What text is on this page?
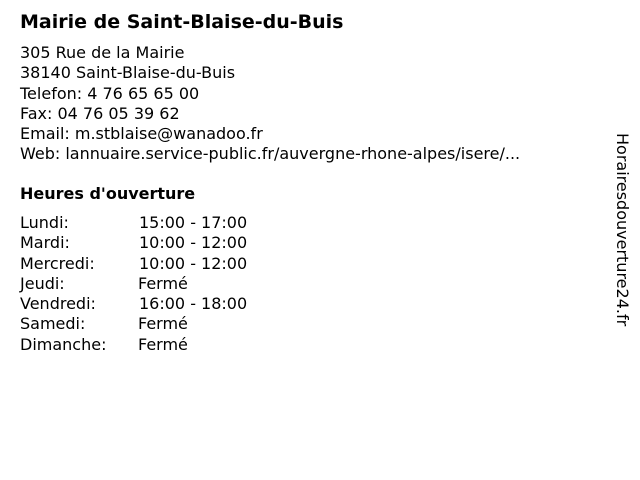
Mairie de Saint-Blaise-du-Buis
305 Rue de la Mairie
38140 Saint-Blaise-du-Buis
Telefon: 4 76 65 65 00
Fax: 04 76 05 39 62
Email: m.stblaise@wanadoo.fr
Web: lannuaire.service-public.fr/auvergne-rhone-alpes/isere/...
Heures d'ouverture
Lundi:	15:00 - 17:00
Mardi:	10:00 - 12:00
Mercredi:	10:00 - 12:00
Jeudi:	Fermé
Vendredi:	16:00 - 18:00
Samedi:	Fermé
Dimanche: Fermé
Horairesdouverture24.fr
